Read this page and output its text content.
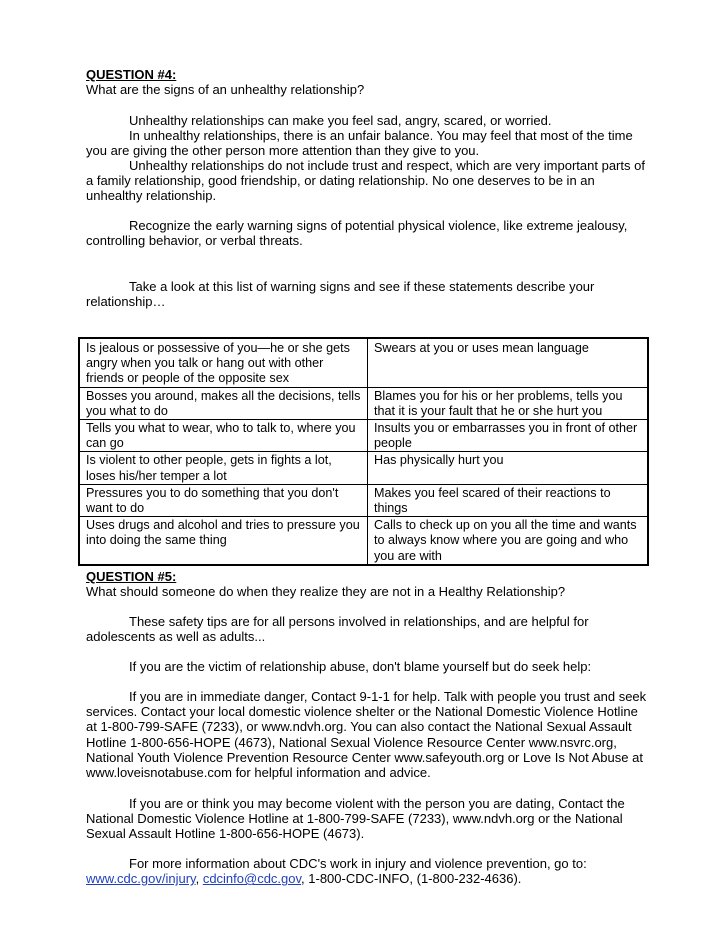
QUESTION #4:
What are the signs of an unhealthy relationship?
Unhealthy relationships can make you feel sad, angry, scared, or worried.
In unhealthy relationships, there is an unfair balance. You may feel that most of the time you are giving the other person more attention than they give to you.
Unhealthy relationships do not include trust and respect, which are very important parts of a family relationship, good friendship, or dating relationship. No one deserves to be in an unhealthy relationship.
Recognize the early warning signs of potential physical violence, like extreme jealousy, controlling behavior, or verbal threats.
Take a look at this list of warning signs and see if these statements describe your relationship…
Is jealous or possessive of you—he or she gets angry when you talk or hang out with other friends or people of the opposite sex	Swears at you or uses mean language
Bosses you around, makes all the decisions, tells you what to do	Blames you for his or her problems, tells you that it is your fault that he or she hurt you
Tells you what to wear, who to talk to, where you can go	Insults you or embarrasses you in front of other people
Is violent to other people, gets in fights a lot, loses his/her temper a lot	Has physically hurt you
Pressures you to do something that you don't want to do	Makes you feel scared of their reactions to things
Uses drugs and alcohol and tries to pressure you into doing the same thing	Calls to check up on you all the time and wants to always know where you are going and who you are with
QUESTION #5:
What should someone do when they realize they are not in a Healthy Relationship?
These safety tips are for all persons involved in relationships, and are helpful for adolescents as well as adults...
If you are the victim of relationship abuse, don't blame yourself but do seek help:
If you are in immediate danger, Contact 9-1-1 for help. Talk with people you trust and seek services. Contact your local domestic violence shelter or the National Domestic Violence Hotline at 1-800-799-SAFE (7233), or www.ndvh.org. You can also contact the National Sexual Assault Hotline 1-800-656-HOPE (4673), National Sexual Violence Resource Center www.nsvrc.org, National Youth Violence Prevention Resource Center www.safeyouth.org or Love Is Not Abuse at www.loveisnotabuse.com for helpful information and advice.
If you are or think you may become violent with the person you are dating, Contact the National Domestic Violence Hotline at 1-800-799-SAFE (7233), www.ndvh.org or the National Sexual Assault Hotline 1-800-656-HOPE (4673).
For more information about CDC's work in injury and violence prevention, go to:
www.cdc.gov/injury, cdcinfo@cdc.gov, 1-800-CDC-INFO, (1-800-232-4636).
